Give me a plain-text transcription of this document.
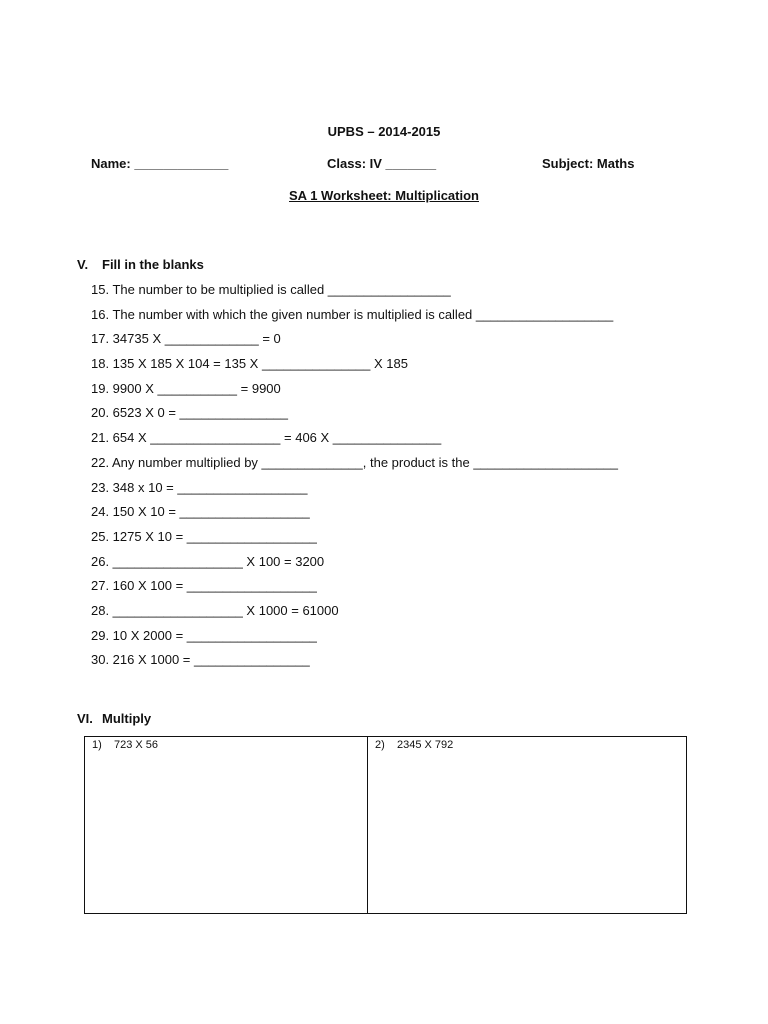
UPBS – 2014-2015
Name: _____________	Class: IV _______	Subject: Maths
SA 1 Worksheet: Multiplication
V. Fill in the blanks
15. The number to be multiplied is called _________________
16. The number with which the given number is multiplied is called ___________________
17. 34735 X _____________ = 0
18. 135 X 185 X 104 = 135 X _______________ X 185
19. 9900 X ___________ = 9900
20. 6523 X 0 = _______________
21. 654 X __________________ = 406 X _______________
22. Any number multiplied by ______________, the product is the ____________________
23. 348 x 10 = __________________
24. 150 X 10 = __________________
25. 1275 X 10 = __________________
26. __________________ X 100 = 3200
27. 160 X 100 = __________________
28. __________________ X 1000 = 61000
29. 10 X 2000 = __________________
30. 216 X 1000 = ________________
VI. Multiply
1) 723 X 56	2) 2345 X 792
